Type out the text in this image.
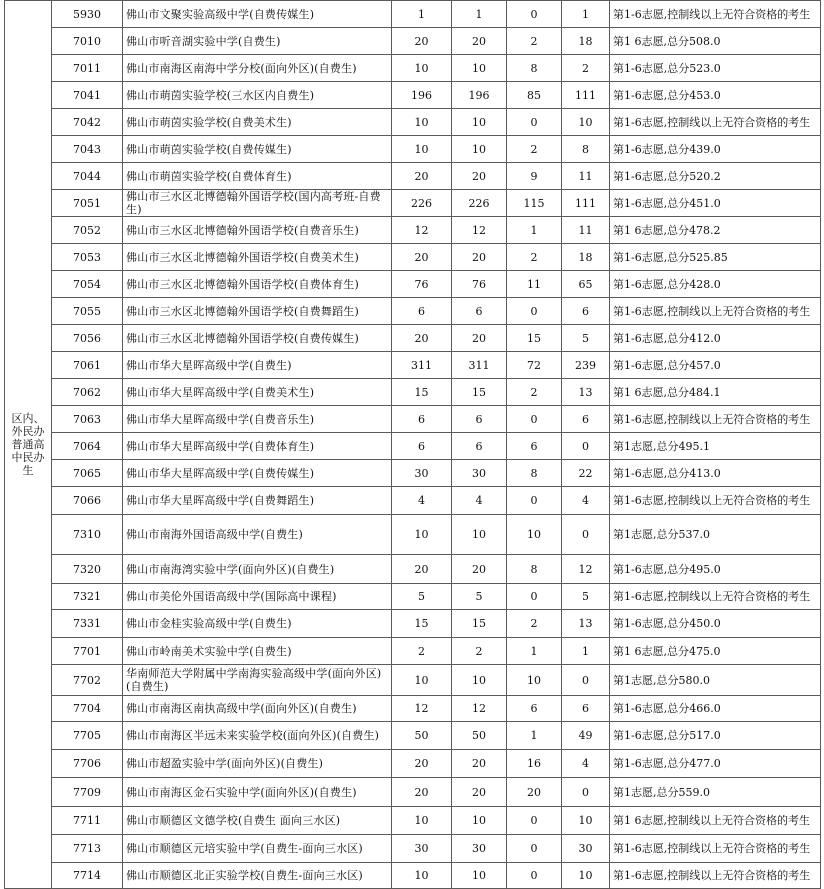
区内、外民办普通高中民办生	5930	佛山市文聚实验高级中学(自费传媒生)	1	1	0	1	第1-6志愿,控制线以上无符合资格的考生
	7010	佛山市听音湖实验中学(自费生)	20	20	2	18	第1 6志愿,总分508.0
	7011	佛山市南海区南海中学分校(面向外区)(自费生)	10	10	8	2	第1-6志愿,总分523.0
	7041	佛山市萌茵实验学校(三水区内自费生)	196	196	85	111	第1-6志愿,总分453.0
	7042	佛山市萌茵实验学校(自费美术生)	10	10	0	10	第1-6志愿,控制线以上无符合资格的考生
	7043	佛山市萌茵实验学校(自费传媒生)	10	10	2	8	第1-6志愿,总分439.0
	7044	佛山市萌茵实验学校(自费体育生)	20	20	9	11	第1-6志愿,总分520.2
	7051	佛山市三水区北博德翰外国语学校(国内高考班-自费生)	226	226	115	111	第1-6志愿,总分451.0
	7052	佛山市三水区北博德翰外国语学校(自费音乐生)	12	12	1	11	第1 6志愿,总分478.2
	7053	佛山市三水区北博德翰外国语学校(自费美术生)	20	20	2	18	第1-6志愿,总分525.85
	7054	佛山市三水区北博德翰外国语学校(自费体育生)	76	76	11	65	第1-6志愿,总分428.0
	7055	佛山市三水区北博德翰外国语学校(自费舞蹈生)	6	6	0	6	第1-6志愿,控制线以上无符合资格的考生
	7056	佛山市三水区北博德翰外国语学校(自费传媒生)	20	20	15	5	第1-6志愿,总分412.0
	7061	佛山市华大星晖高级中学(自费生)	311	311	72	239	第1-6志愿,总分457.0
	7062	佛山市华大星晖高级中学(自费美术生)	15	15	2	13	第1 6志愿,总分484.1
	7063	佛山市华大星晖高级中学(自费音乐生)	6	6	0	6	第1-6志愿,控制线以上无符合资格的考生
	7064	佛山市华大星晖高级中学(自费体育生)	6	6	6	0	第1志愿,总分495.1
	7065	佛山市华大星晖高级中学(自费传媒生)	30	30	8	22	第1-6志愿,总分413.0
	7066	佛山市华大星晖高级中学(自费舞蹈生)	4	4	0	4	第1-6志愿,控制线以上无符合资格的考生
	7310	佛山市南海外国语高级中学(自费生)	10	10	10	0	第1志愿,总分537.0
	7320	佛山市南海湾实验中学(面向外区)(自费生)	20	20	8	12	第1-6志愿,总分495.0
	7321	佛山市美伦外国语高级中学(国际高中课程)	5	5	0	5	第1-6志愿,控制线以上无符合资格的考生
	7331	佛山市金桂实验高级中学(自费生)	15	15	2	13	第1-6志愿,总分450.0
	7701	佛山市岭南美术实验中学(自费生)	2	2	1	1	第1 6志愿,总分475.0
	7702	华南师范大学附属中学南海实验高级中学(面向外区)(自费生)	10	10	10	0	第1志愿,总分580.0
	7704	佛山市南海区南执高级中学(面向外区)(自费生)	12	12	6	6	第1-6志愿,总分466.0
	7705	佛山市南海区半远未来实验学校(面向外区)(自费生)	50	50	1	49	第1-6志愿,总分517.0
	7706	佛山市超盈实验中学(面向外区)(自费生)	20	20	16	4	第1-6志愿,总分477.0
	7709	佛山市南海区金石实验中学(面向外区)(自费生)	20	20	20	0	第1志愿,总分559.0
	7711	佛山市顺德区文德学校(自费生 面向三水区)	10	10	0	10	第1 6志愿,控制线以上无符合资格的考生
	7713	佛山市顺德区元培实验中学(自费生-面向三水区)	30	30	0	30	第1-6志愿,控制线以上无符合资格的考生
	7714	佛山市顺德区北正实验学校(自费生-面向三水区)	10	10	0	10	第1-6志愿,控制线以上无符合资格的考生
